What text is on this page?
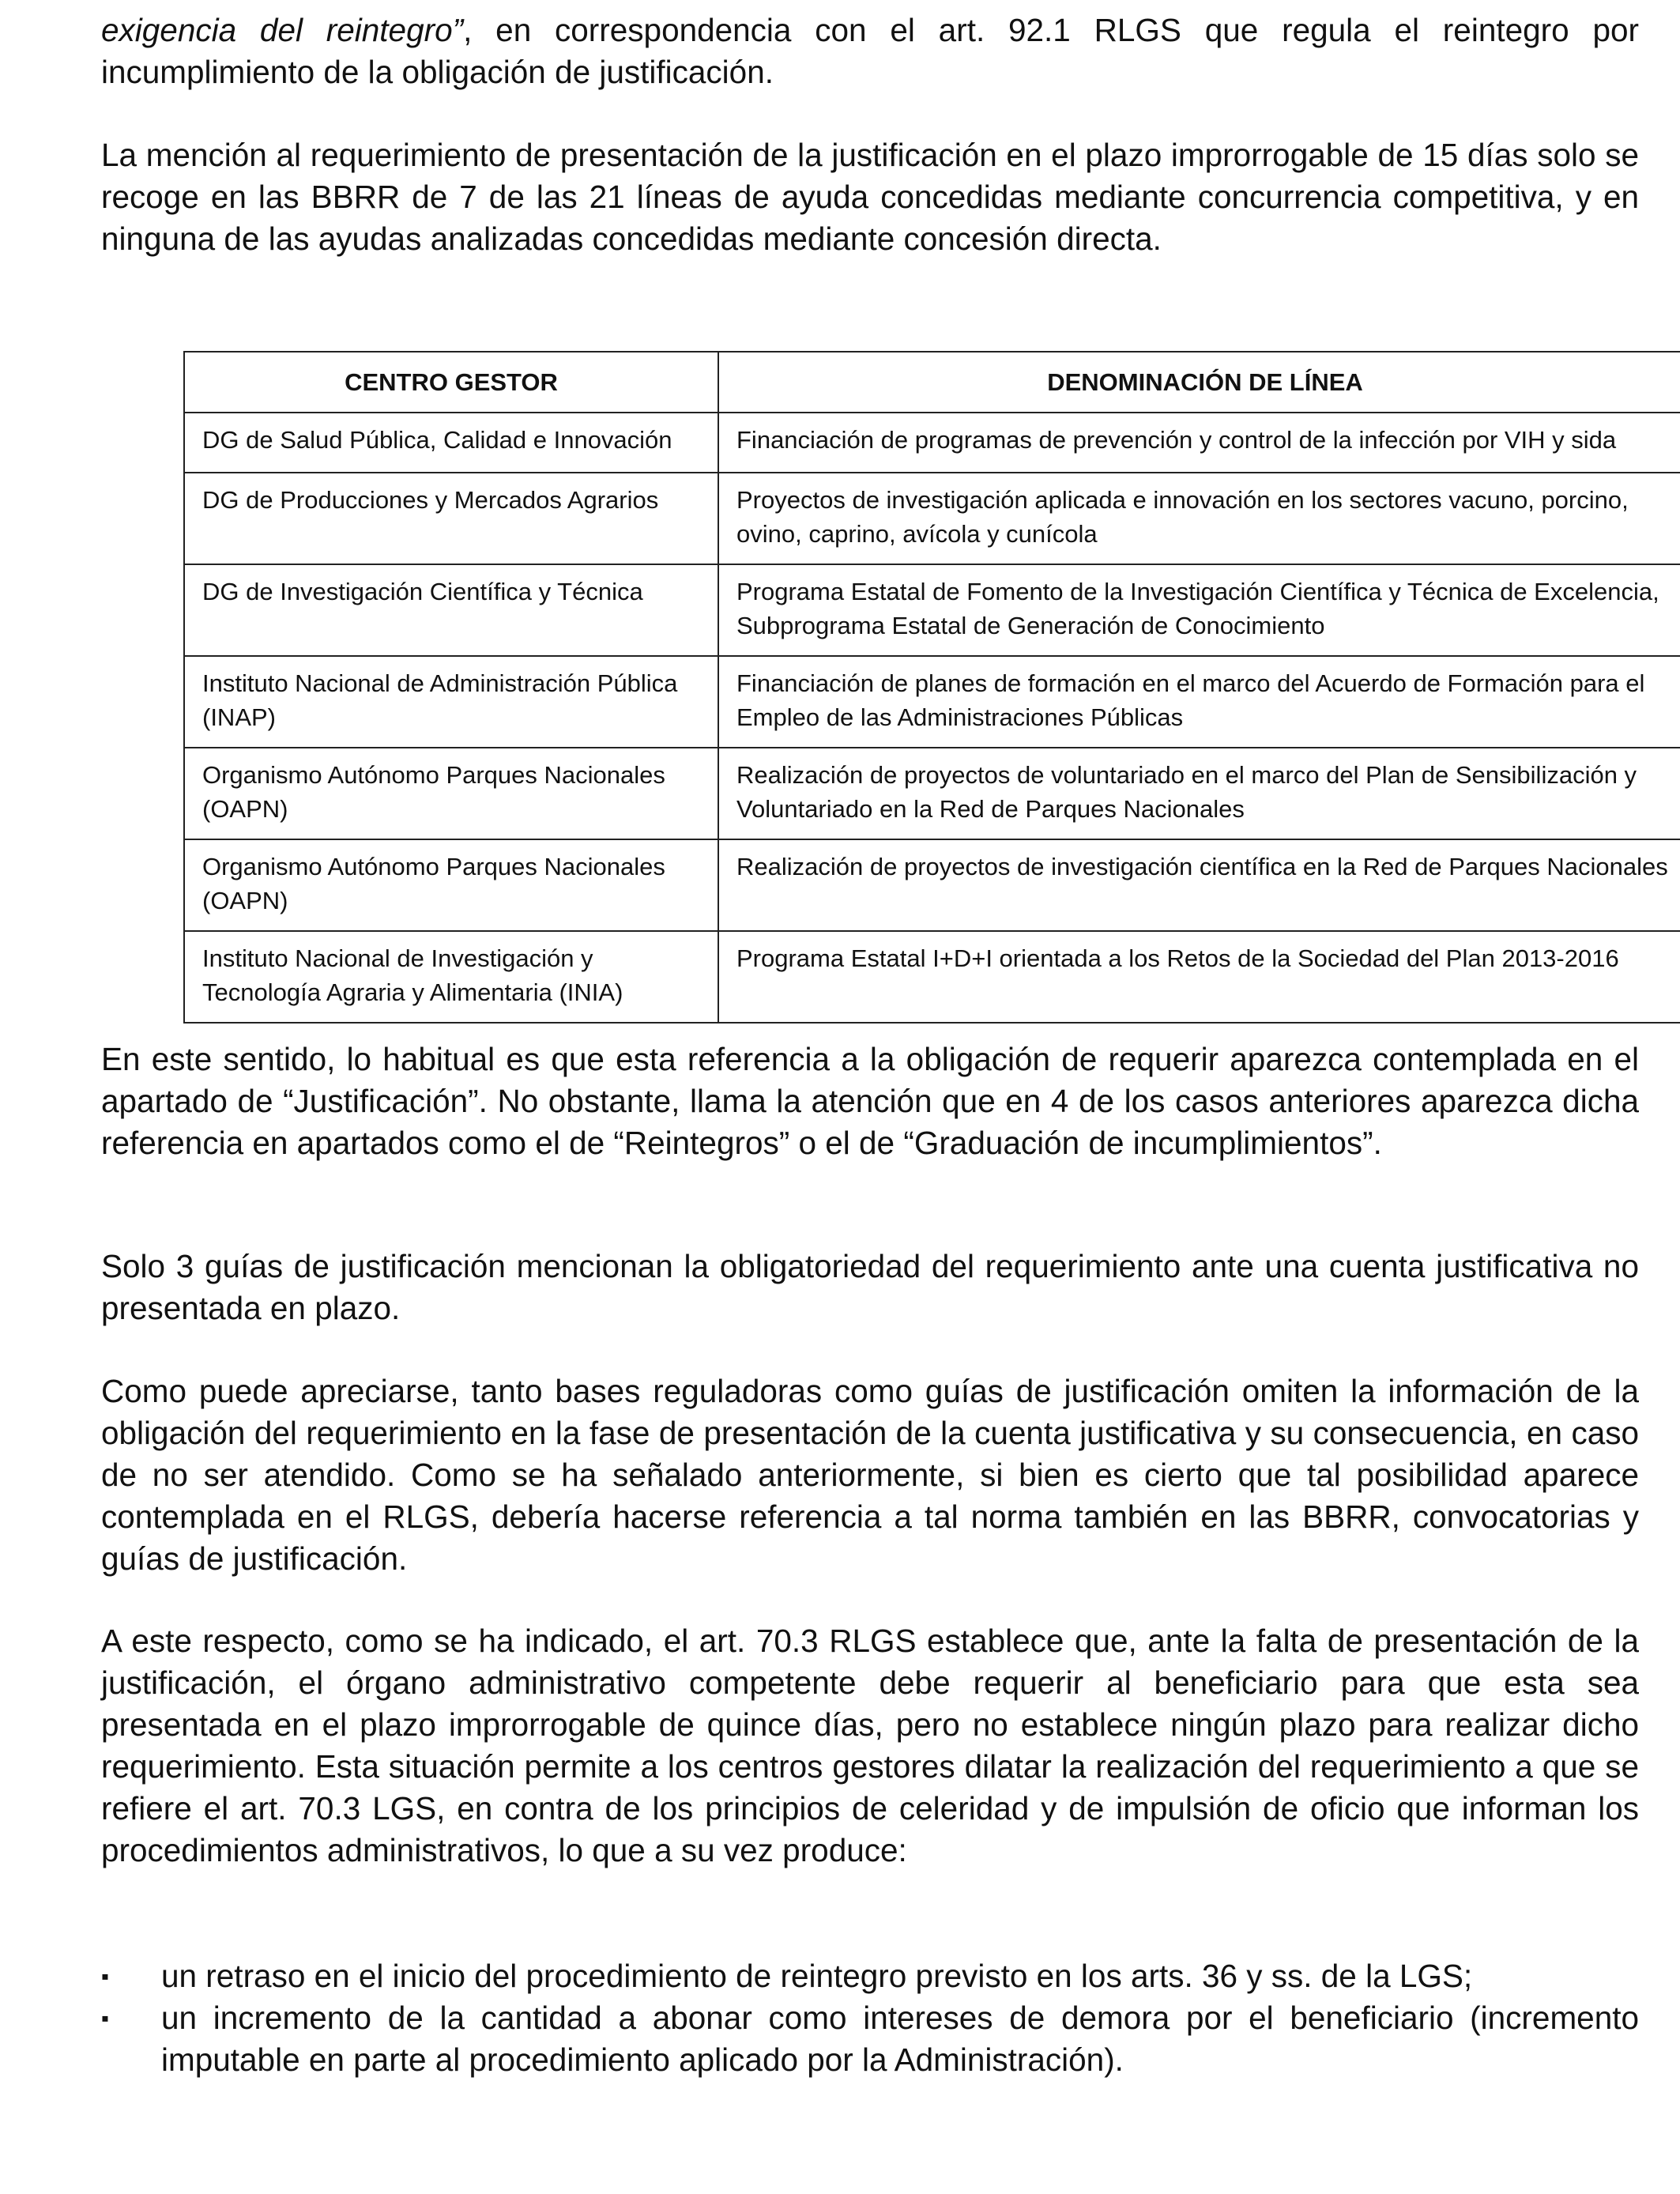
exigencia del reintegro”, en correspondencia con el art. 92.1 RLGS que regula el reintegro por incumplimiento de la obligación de justificación.

La mención al requerimiento de presentación de la justificación en el plazo improrrogable de 15 días solo se recoge en las BBRR de 7 de las 21 líneas de ayuda concedidas mediante concurrencia competitiva, y en ninguna de las ayudas analizadas concedidas mediante concesión directa.

CENTRO GESTOR	DENOMINACIÓN DE LÍNEA
DG de Salud Pública, Calidad e Innovación	Financiación de programas de prevención y control de la infección por VIH y sida
DG de Producciones y Mercados Agrarios	Proyectos de investigación aplicada e innovación en los sectores vacuno, porcino, ovino, caprino, avícola y cunícola
DG de Investigación Científica y Técnica	Programa Estatal de Fomento de la Investigación Científica y Técnica de Excelencia, Subprograma Estatal de Generación de Conocimiento
Instituto Nacional de Administración Pública (INAP)	Financiación de planes de formación en el marco del Acuerdo de Formación para el Empleo de las Administraciones Públicas
Organismo Autónomo Parques Nacionales (OAPN)	Realización de proyectos de voluntariado en el marco del Plan de Sensibilización y Voluntariado en la Red de Parques Nacionales
Organismo Autónomo Parques Nacionales (OAPN)	Realización de proyectos de investigación científica en la Red de Parques Nacionales
Instituto Nacional de Investigación y Tecnología Agraria y Alimentaria (INIA)	Programa Estatal I+D+I orientada a los Retos de la Sociedad del Plan 2013-2016

En este sentido, lo habitual es que esta referencia a la obligación de requerir aparezca contemplada en el apartado de “Justificación”. No obstante, llama la atención que en 4 de los casos anteriores aparezca dicha referencia en apartados como el de “Reintegros” o el de “Graduación de incumplimientos”.

Solo 3 guías de justificación mencionan la obligatoriedad del requerimiento ante una cuenta justificativa no presentada en plazo.

Como puede apreciarse, tanto bases reguladoras como guías de justificación omiten la información de la obligación del requerimiento en la fase de presentación de la cuenta justificativa y su consecuencia, en caso de no ser atendido. Como se ha señalado anteriormente, si bien es cierto que tal posibilidad aparece contemplada en el RLGS, debería hacerse referencia a tal norma también en las BBRR, convocatorias y guías de justificación.

A este respecto, como se ha indicado, el art. 70.3 RLGS establece que, ante la falta de presentación de la justificación, el órgano administrativo competente debe requerir al beneficiario para que esta sea presentada en el plazo improrrogable de quince días, pero no establece ningún plazo para realizar dicho requerimiento. Esta situación permite a los centros gestores dilatar la realización del requerimiento a que se refiere el art. 70.3 LGS, en contra de los principios de celeridad y de impulsión de oficio que informan los procedimientos administrativos, lo que a su vez produce:

▪	un retraso en el inicio del procedimiento de reintegro previsto en los arts. 36 y ss. de la LGS;
▪	un incremento de la cantidad a abonar como intereses de demora por el beneficiario (incremento imputable en parte al procedimiento aplicado por la Administración).
